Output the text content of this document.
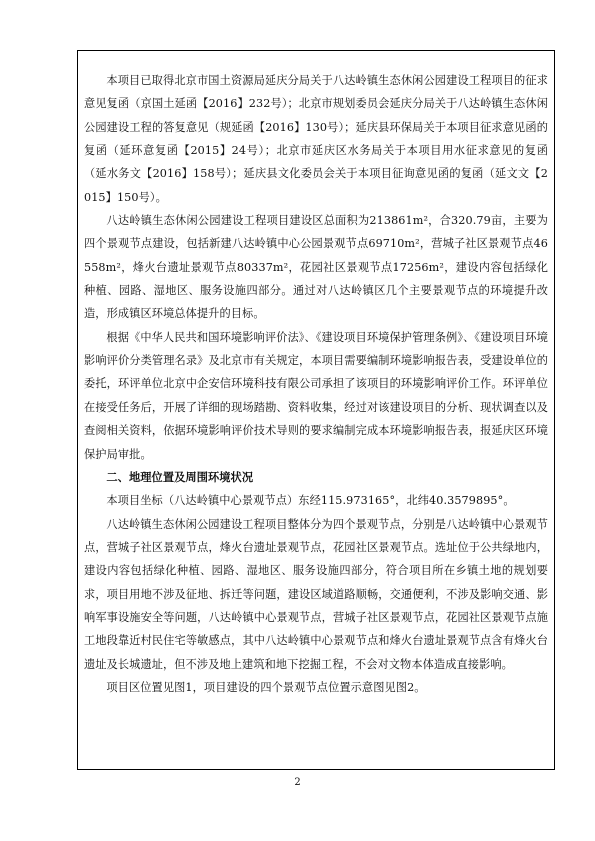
本项目已取得北京市国土资源局延庆分局关于八达岭镇生态休闲公园建设工程项目的征求意见复函（京国土延函【2016】232号）；北京市规划委员会延庆分局关于八达岭镇生态休闲公园建设工程的答复意见（规延函【2016】130号）；延庆县环保局关于本项目征求意见函的复函（延环意复函【2015】24号）；北京市延庆区水务局关于本项目用水征求意见的复函（延水务文【2016】158号）；延庆县文化委员会关于本项目征询意见函的复函（延文文【2015】150号）。

八达岭镇生态休闲公园建设工程项目建设区总面积为213861m²，合320.79亩，主要为四个景观节点建设，包括新建八达岭镇中心公园景观节点69710m²，营城子社区景观节点46558m²，烽火台遗址景观节点80337m²，花园社区景观节点17256m²，建设内容包括绿化种植、园路、湿地区、服务设施四部分。通过对八达岭镇区几个主要景观节点的环境提升改造，形成镇区环境总体提升的目标。

根据《中华人民共和国环境影响评价法》、《建设项目环境保护管理条例》、《建设项目环境影响评价分类管理名录》及北京市有关规定，本项目需要编制环境影响报告表，受建设单位的委托，环评单位北京中企安信环境科技有限公司承担了该项目的环境影响评价工作。环评单位在接受任务后，开展了详细的现场踏勘、资料收集，经过对该建设项目的分析、现状调查以及查阅相关资料，依据环境影响评价技术导则的要求编制完成本环境影响报告表，报延庆区环境保护局审批。

二、地理位置及周围环境状况

本项目坐标（八达岭镇中心景观节点）东经115.973165°，北纬40.3579895°。

八达岭镇生态休闲公园建设工程项目整体分为四个景观节点，分别是八达岭镇中心景观节点，营城子社区景观节点，烽火台遗址景观节点，花园社区景观节点。选址位于公共绿地内，建设内容包括绿化种植、园路、湿地区、服务设施四部分，符合项目所在乡镇土地的规划要求，项目用地不涉及征地、拆迁等问题，建设区域道路顺畅，交通便利，不涉及影响交通、影响军事设施安全等问题，八达岭镇中心景观节点，营城子社区景观节点，花园社区景观节点施工地段靠近村民住宅等敏感点，其中八达岭镇中心景观节点和烽火台遗址景观节点含有烽火台遗址及长城遗址，但不涉及地上建筑和地下挖掘工程，不会对文物本体造成直接影响。

项目区位置见图1，项目建设的四个景观节点位置示意图见图2。

2
